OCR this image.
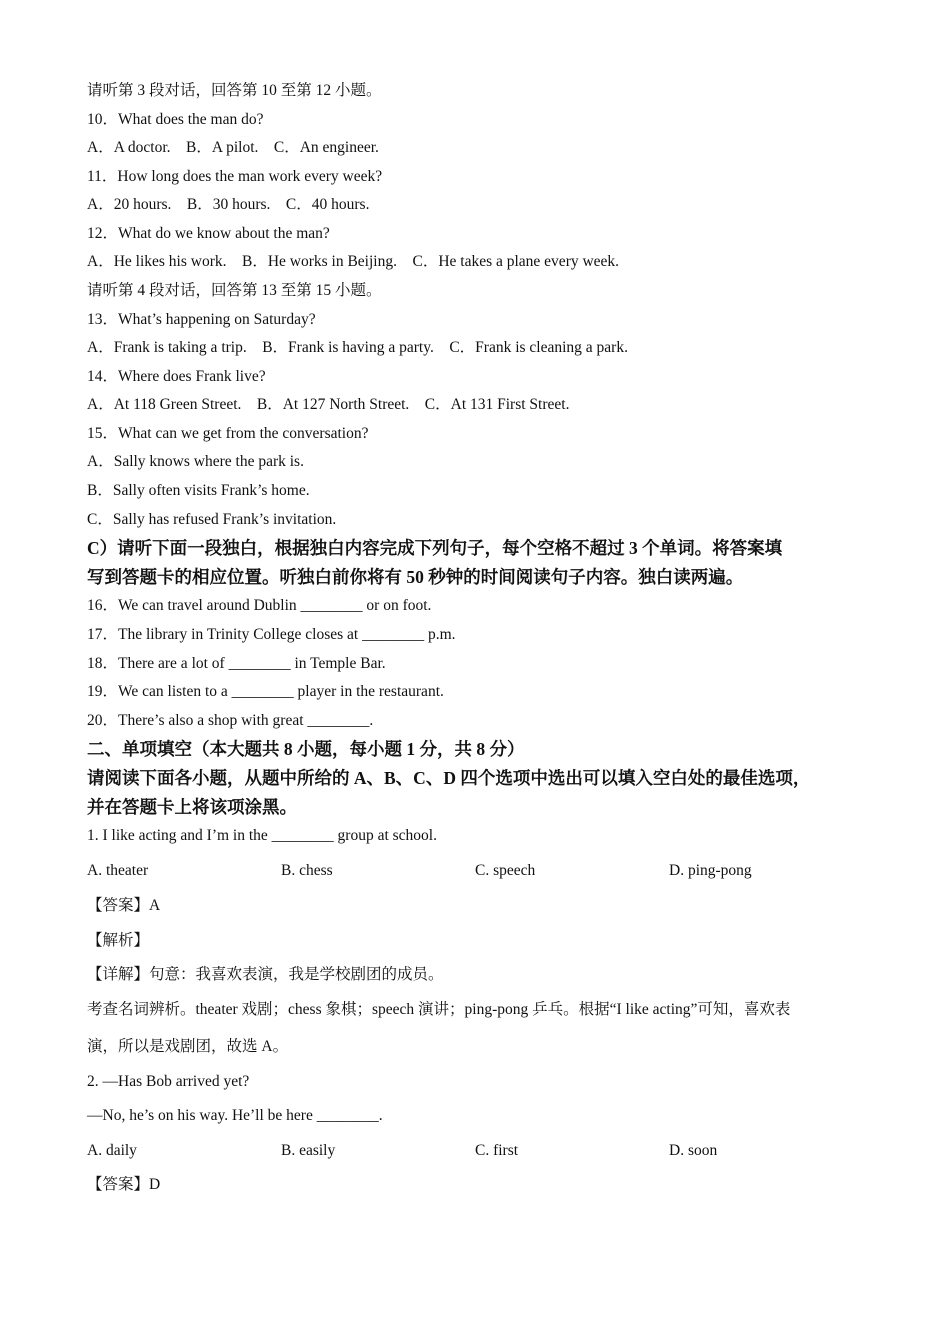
请听第 3 段对话，回答第 10 至第 12 小题。
10．What does the man do?
A．A doctor.    B．A pilot.    C．An engineer.
11．How long does the man work every week?
A．20 hours.    B．30 hours.    C．40 hours.
12．What do we know about the man?
A．He likes his work.    B．He works in Beijing.    C．He takes a plane every week.
请听第 4 段对话，回答第 13 至第 15 小题。
13．What’s happening on Saturday?
A．Frank is taking a trip.    B．Frank is having a party.    C．Frank is cleaning a park.
14．Where does Frank live?
A．At 118 Green Street.    B．At 127 North Street.    C．At 131 First Street.
15．What can we get from the conversation?
A．Sally knows where the park is.
B．Sally often visits Frank’s home.
C．Sally has refused Frank’s invitation.
C）请听下面一段独白，根据独白内容完成下列句子，每个空格不超过 3 个单词。将答案填
写到答题卡的相应位置。听独白前你将有 50 秒钟的时间阅读句子内容。独白读两遍。
16．We can travel around Dublin ________ or on foot.
17．The library in Trinity College closes at ________ p.m.
18．There are a lot of ________ in Temple Bar.
19．We can listen to a ________ player in the restaurant.
20．There’s also a shop with great ________.
二、单项填空（本大题共 8 小题，每小题 1 分，共 8 分）
请阅读下面各小题，从题中所给的 A、B、C、D 四个选项中选出可以填入空白处的最佳选项，
并在答题卡上将该项涂黑。
1. I like acting and I’m in the ________ group at school.
A. theater	B. chess	C. speech	D. ping-pong
【答案】A
【解析】
【详解】句意：我喜欢表演，我是学校剧团的成员。
考查名词辨析。theater 戏剧；chess 象棋；speech 演讲；ping-pong 乒乓。根据“I like acting”可知，喜欢表
演，所以是戏剧团，故选 A。
2. —Has Bob arrived yet?
—No, he’s on his way. He’ll be here ________.
A. daily	B. easily	C. first	D. soon
【答案】D
